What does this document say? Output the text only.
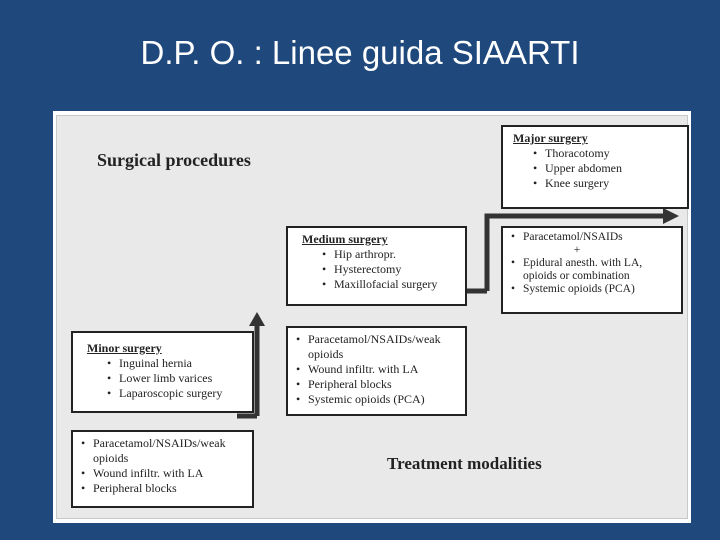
D.P. O. : Linee guida SIAARTI
Surgical procedures
Treatment modalities
Major surgery
• Thoracotomy
• Upper abdomen
• Knee surgery
• Paracetamol/NSAIDs
+
• Epidural anesth. with LA, opioids or combination
• Systemic opioids (PCA)
Medium surgery
• Hip arthropr.
• Hysterectomy
• Maxillofacial surgery
• Paracetamol/NSAIDs/weak opioids
• Wound infiltr. with LA
• Peripheral blocks
• Systemic opioids (PCA)
Minor surgery
• Inguinal hernia
• Lower limb varices
• Laparoscopic surgery
• Paracetamol/NSAIDs/weak opioids
• Wound infiltr. with LA
• Peripheral blocks
